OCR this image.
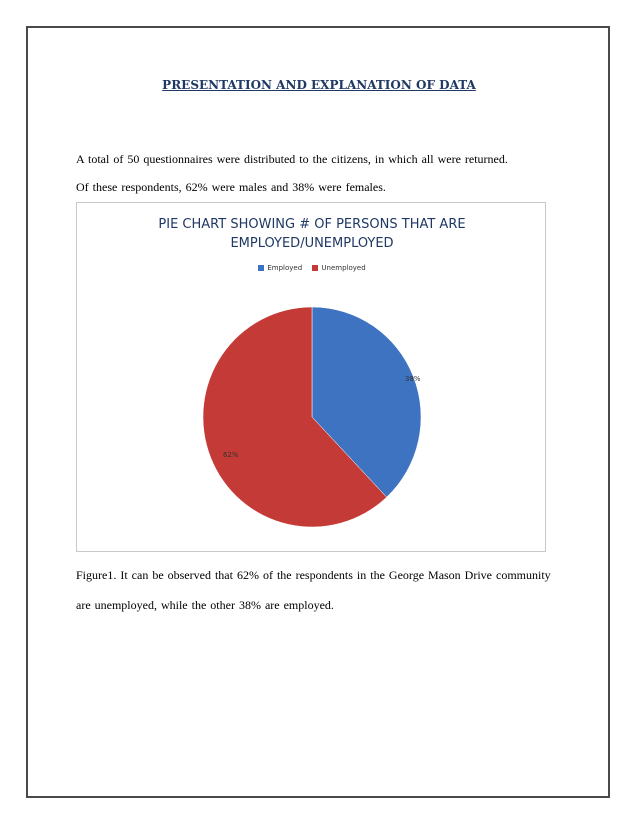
PRESENTATION AND EXPLANATION OF DATA
A total of 50 questionnaires were distributed to the citizens, in which all were returned.
Of these respondents, 62% were males and 38% were females.
PIE CHART SHOWING # OF PERSONS THAT ARE
EMPLOYED/UNEMPLOYED
Employed	Unemployed
38%
62%
Figure1. It can be observed that 62% of the respondents in the George Mason Drive community
are unemployed, while the other 38% are employed.
